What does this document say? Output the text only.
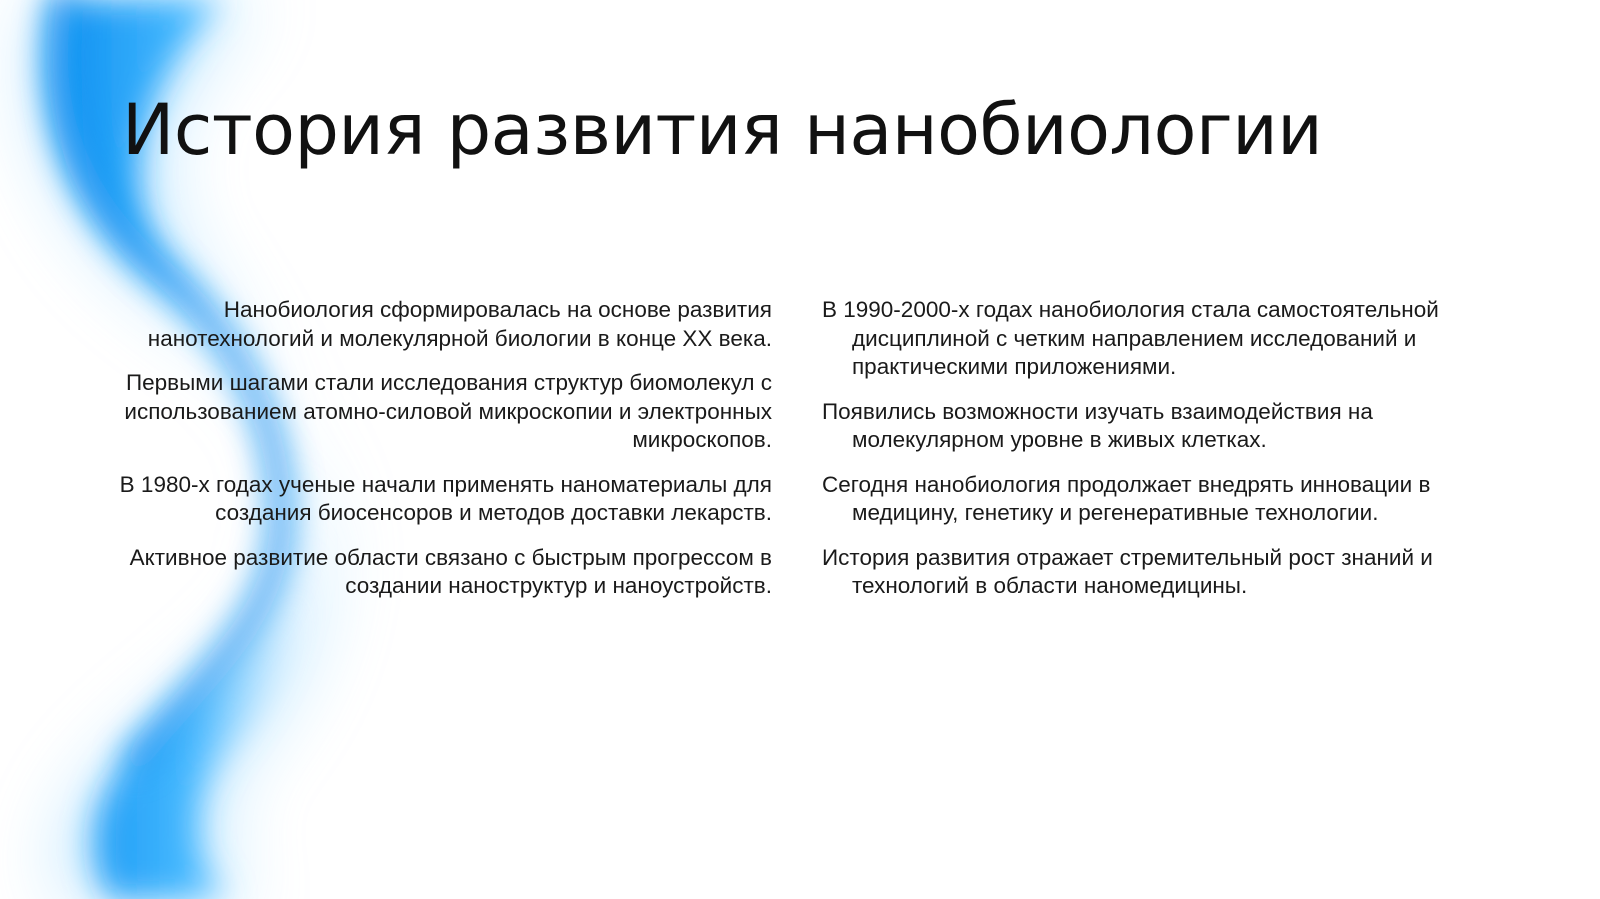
История развития нанобиологии

Нанобиология сформировалась на основе развития нанотехнологий и молекулярной биологии в конце XX века.

Первыми шагами стали исследования структур биомолекул с использованием атомно-силовой микроскопии и электронных микроскопов.

В 1980-х годах ученые начали применять наноматериалы для создания биосенсоров и методов доставки лекарств.

Активное развитие области связано с быстрым прогрессом в создании наноструктур и наноустройств.

В 1990-2000-х годах нанобиология стала самостоятельной дисциплиной с четким направлением исследований и практическими приложениями.

Появились возможности изучать взаимодействия на молекулярном уровне в живых клетках.

Сегодня нанобиология продолжает внедрять инновации в медицину, генетику и регенеративные технологии.

История развития отражает стремительный рост знаний и технологий в области наномедицины.
